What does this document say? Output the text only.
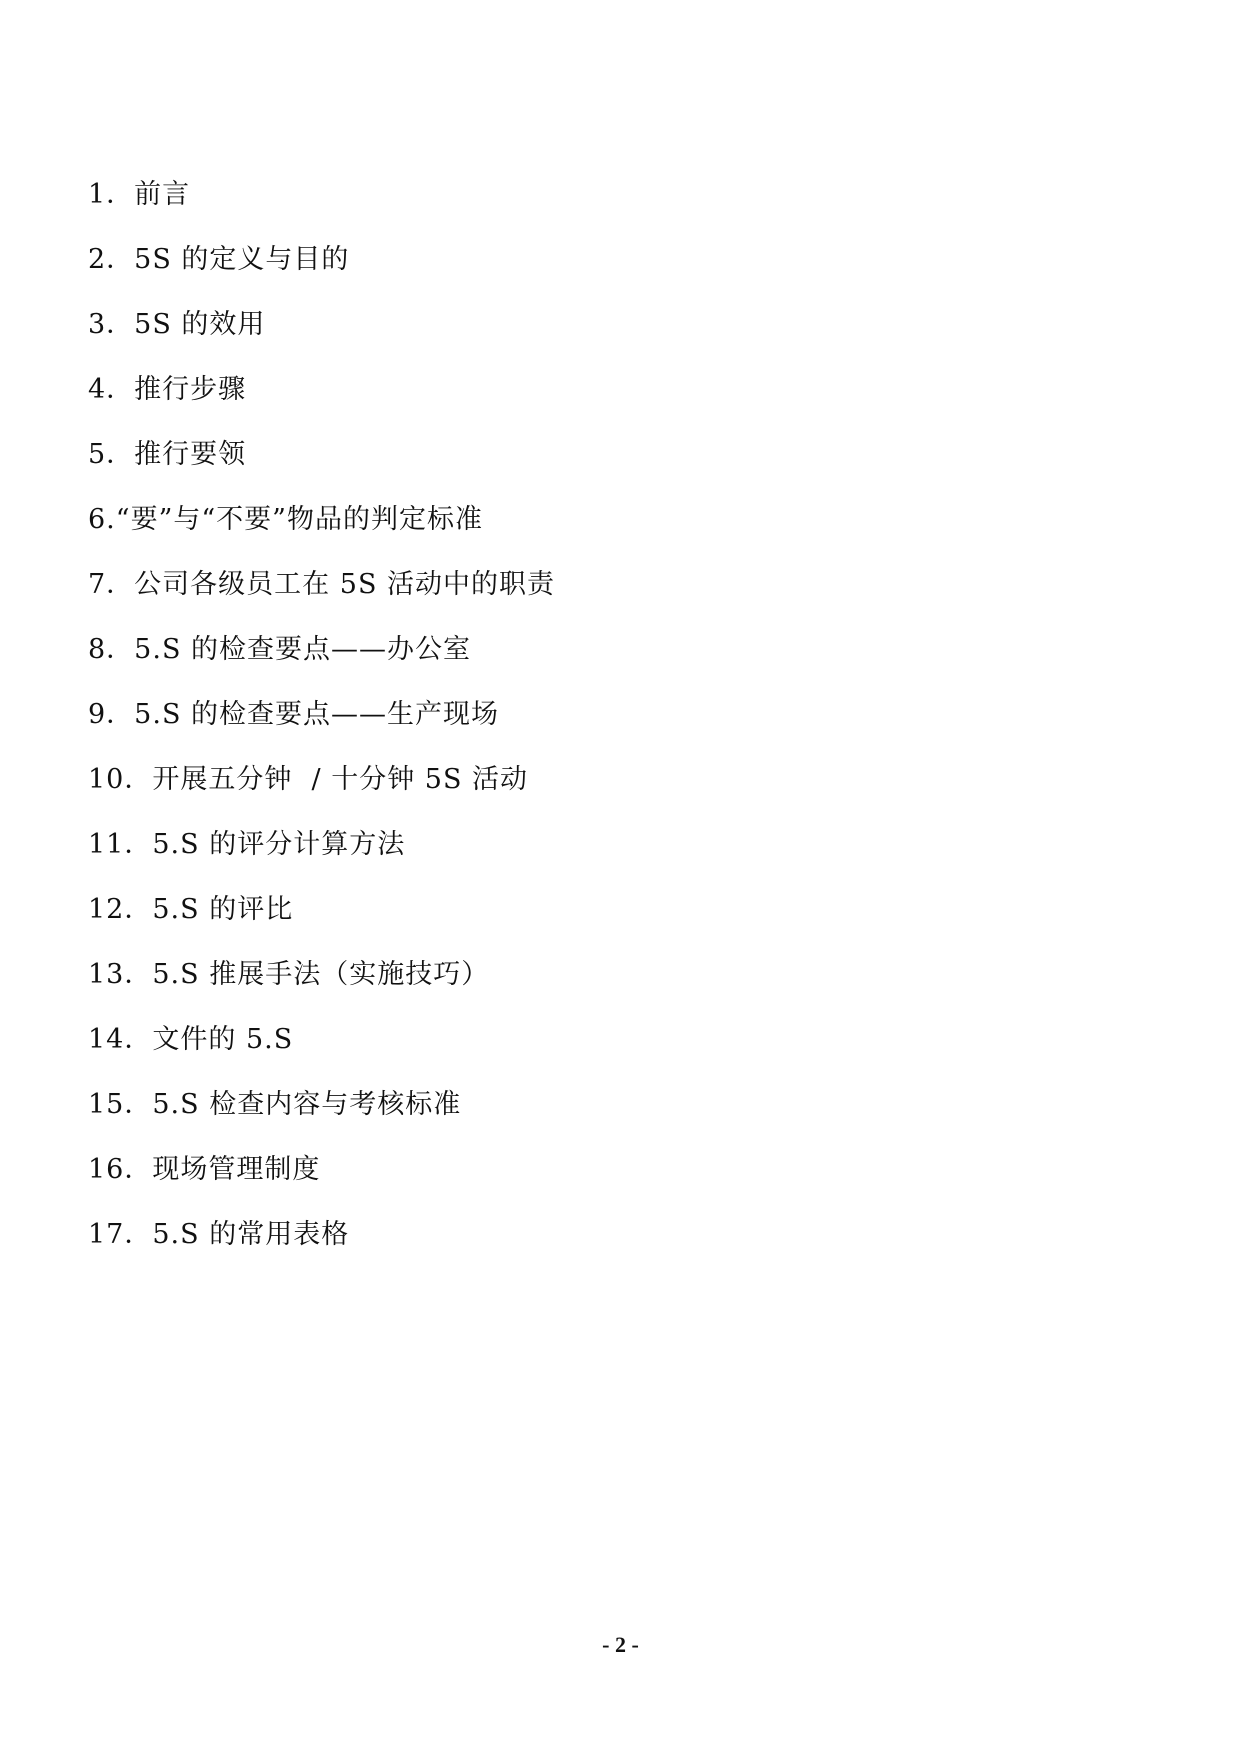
1．前言
2．5S 的定义与目的
3．5S 的效用
4．推行步骤
5．推行要领
6.“要”与“不要”物品的判定标准
7．公司各级员工在 5S 活动中的职责
8．5.S 的检查要点——办公室
9．5.S 的检查要点——生产现场
10．开展五分钟  / 十分钟 5S 活动
11．5.S 的评分计算方法
12．5.S 的评比
13．5.S 推展手法（实施技巧）
14．文件的 5.S
15．5.S 检查内容与考核标准
16．现场管理制度
17．5.S 的常用表格
- 2 -
